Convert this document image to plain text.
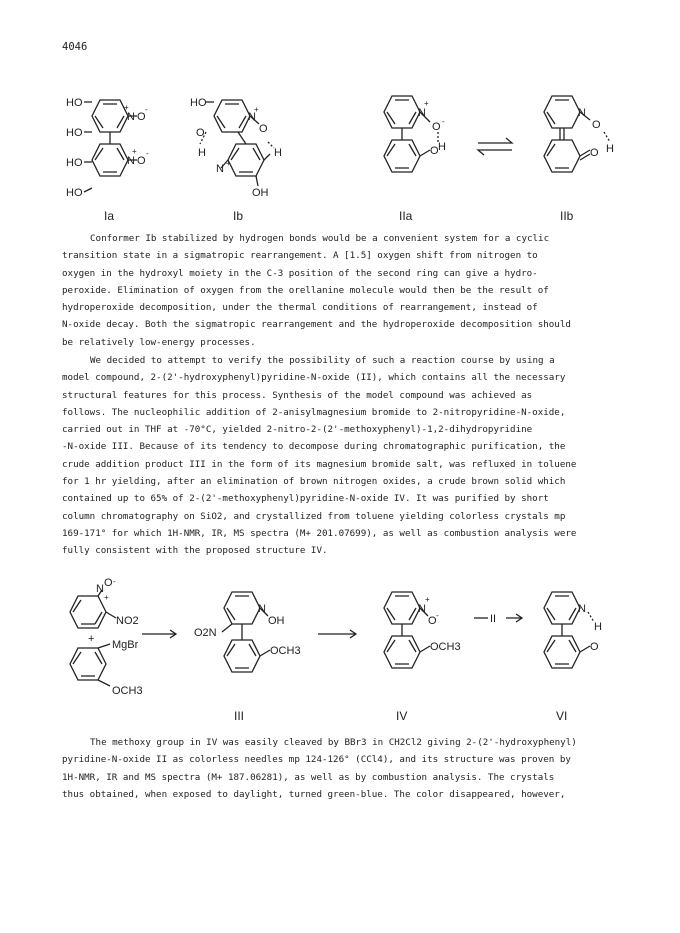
4046
HO
HO
HO
HO
N O
N O
HO
O
H
N
O
H
N
OH
N
O
O H
N
O
O H
+ -
+ -
+
+
+
-
Ia	Ib	IIa	IIb

Conformer Ib stabilized by hydrogen bonds would be a convenient system for a cyclic

transition state in a sigmatropic rearrangement. A [1.5] oxygen shift from nitrogen to

oxygen in the hydroxyl moiety in the C-3 position of the second ring can give a hydro-

peroxide. Elimination of oxygen from the orellanine molecule would then be the result of

hydroperoxide decomposition, under the thermal conditions of rearrangement, instead of

N-oxide decay. Both the sigmatropic rearrangement and the hydroperoxide decomposition should

be relatively low-energy processes.

We decided to attempt to verify the possibility of such a reaction course by using a

model compound, 2-(2'-hydroxyphenyl)pyridine-N-oxide (II), which contains all the necessary

structural features for this process. Synthesis of the model compound was achieved as

follows. The nucleophilic addition of 2-anisylmagnesium bromide to 2-nitropyridine-N-oxide,

carried out in THF at -70°C, yielded 2-nitro-2-(2'-methoxyphenyl)-1,2-dihydropyridine

-N-oxide III. Because of its tendency to decompose during chromatographic purification, the

crude addition product III in the form of its magnesium bromide salt, was refluxed in toluene

for 1 hr yielding, after an elimination of brown nitrogen oxides, a crude brown solid which

contained up to 65% of 2-(2'-methoxyphenyl)pyridine-N-oxide IV. It was purified by short

column chromatography on SiO2, and crystallized from toluene yielding colorless crystals mp

169-171° for which 1H-NMR, IR, MS spectra (M+ 201.07699), as well as combustion analysis were

fully consistent with the proposed structure IV.

N O
NO2
+ MgBr
OCH3
O2N
N
OH
OCH3
N
O
OCH3
II
N
H
O
+
-
+
-
III	IV	VI

The methoxy group in IV was easily cleaved by BBr3 in CH2Cl2 giving 2-(2'-hydroxyphenyl)

pyridine-N-oxide II as colorless needles mp 124-126° (CCl4), and its structure was proven by

1H-NMR, IR and MS spectra (M+ 187.06281), as well as by combustion analysis. The crystals

thus obtained, when exposed to daylight, turned green-blue. The color disappeared, however,
